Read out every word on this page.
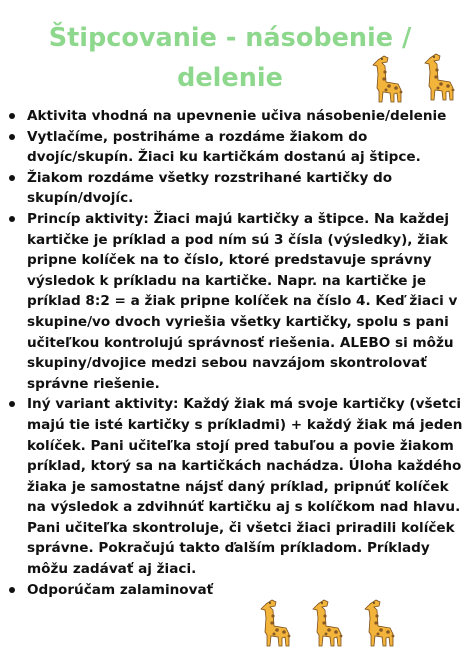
Štipcovanie - násobenie / delenie
Aktivita vhodná na upevnenie učiva násobenie/delenie
Vytlačíme, postriháme a rozdáme žiakom do dvojíc/skupín. Žiaci ku kartičkám dostanú aj štipce.
Žiakom rozdáme všetky rozstrihané kartičky do skupín/dvojíc.
Princíp aktivity: Žiaci majú kartičky a štipce. Na každej kartičke je príklad a pod ním sú 3 čísla (výsledky), žiak pripne kolíček na to číslo, ktoré predstavuje správny výsledok k príkladu na kartičke. Napr. na kartičke je príklad 8:2 = a žiak pripne kolíček na číslo 4. Keď žiaci v skupine/vo dvoch vyriešia všetky kartičky, spolu s pani učiteľkou kontrolujú správnosť riešenia. ALEBO si môžu skupiny/dvojice medzi sebou navzájom skontrolovať správne riešenie.
Iný variant aktivity: Každý žiak má svoje kartičky (všetci majú tie isté kartičky s príkladmi) + každý žiak má jeden kolíček. Pani učiteľka stojí pred tabuľou a povie žiakom príklad, ktorý sa na kartičkách nachádza. Úloha každého žiaka je samostatne nájsť daný príklad, pripnúť kolíček na výsledok a zdvihnúť kartičku aj s kolíčkom nad hlavu. Pani učiteľka skontroluje, či všetci žiaci priradili kolíček správne. Pokračujú takto ďalším príkladom. Príklady môžu zadávať aj žiaci.
Odporúčam zalaminovať
